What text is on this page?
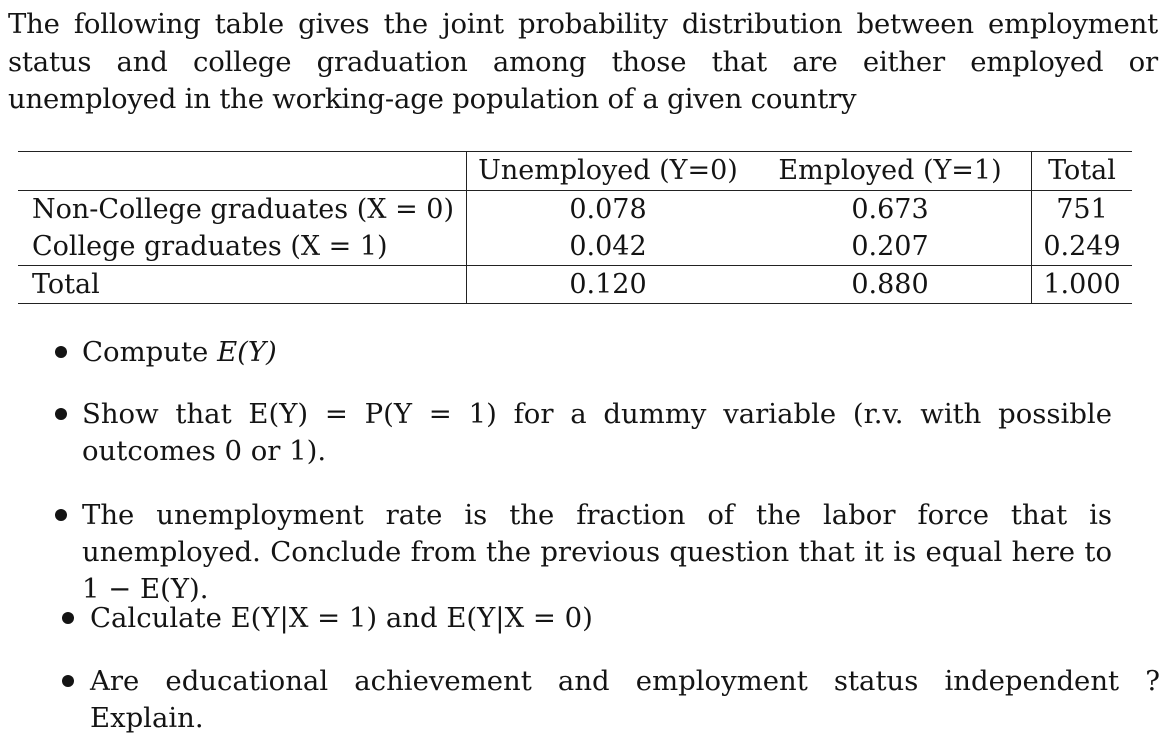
The following table gives the joint probability distribution between employment status and college graduation among those that are either employed or unemployed in the working-age population of a given country
	Unemployed (Y=0)	Employed (Y=1)	Total
Non-College graduates (X = 0)	0.078	0.673	751
College graduates (X = 1)	0.042	0.207	0.249
Total	0.120	0.880	1.000
Compute E(Y)
Show that E(Y) = P(Y = 1) for a dummy variable (r.v. with possible outcomes 0 or 1).
The unemployment rate is the fraction of the labor force that is unemployed. Conclude from the previous question that it is equal here to 1 − E(Y).
Calculate E(Y|X = 1) and E(Y|X = 0)
Are educational achievement and employment status independent ? Explain.
